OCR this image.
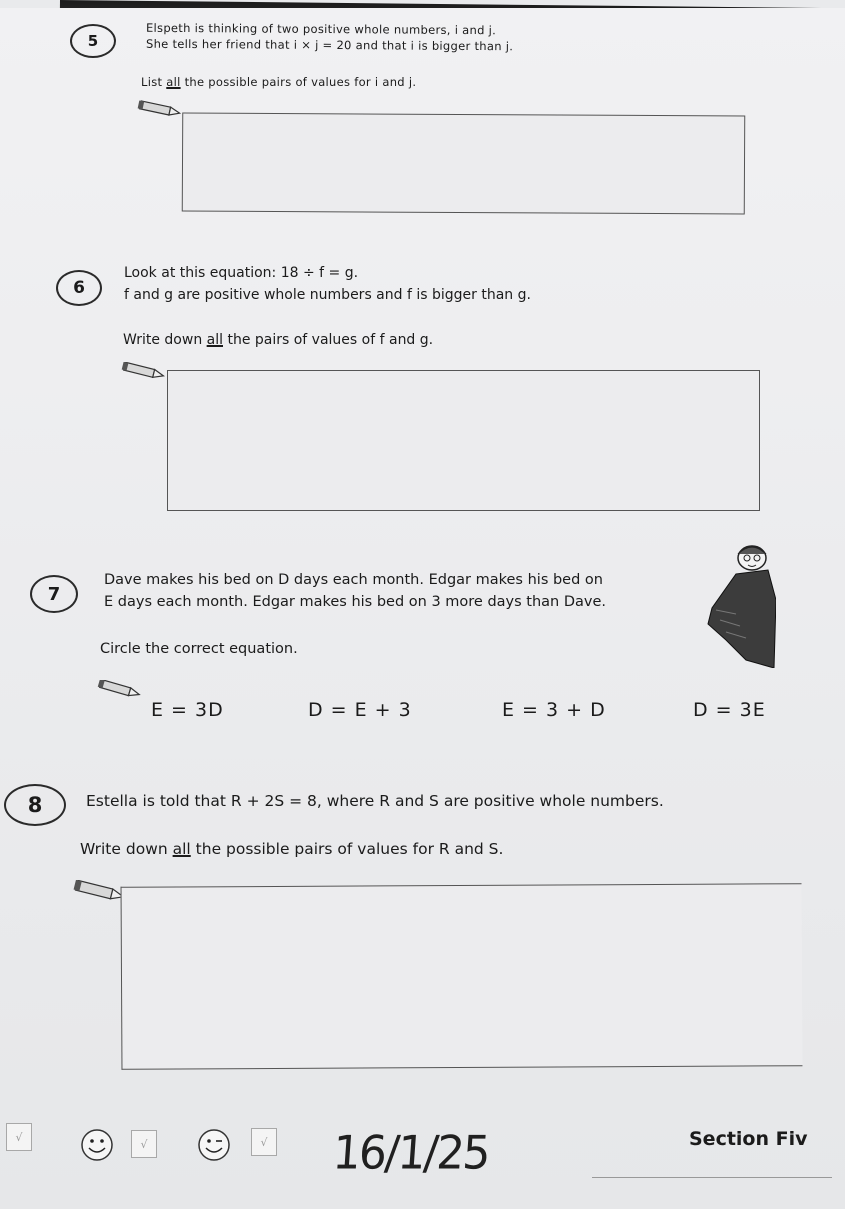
5
Elspeth is thinking of two positive whole numbers, i and j.
She tells her friend that i × j = 20 and that i is bigger than j.
List all the possible pairs of values for i and j.
6
Look at this equation: 18 ÷ f = g.
f and g are positive whole numbers and f is bigger than g.
Write down all the pairs of values of f and g.
7
Dave makes his bed on D days each month. Edgar makes his bed on
E days each month. Edgar makes his bed on 3 more days than Dave.
Circle the correct equation.
E = 3D	D = E + 3	E = 3 + D	D = 3E
8	Estella is told that R + 2S = 8, where R and S are positive whole numbers.
Write down all the possible pairs of values for R and S.
√
√	√ 16/1/25	Section Fiv
